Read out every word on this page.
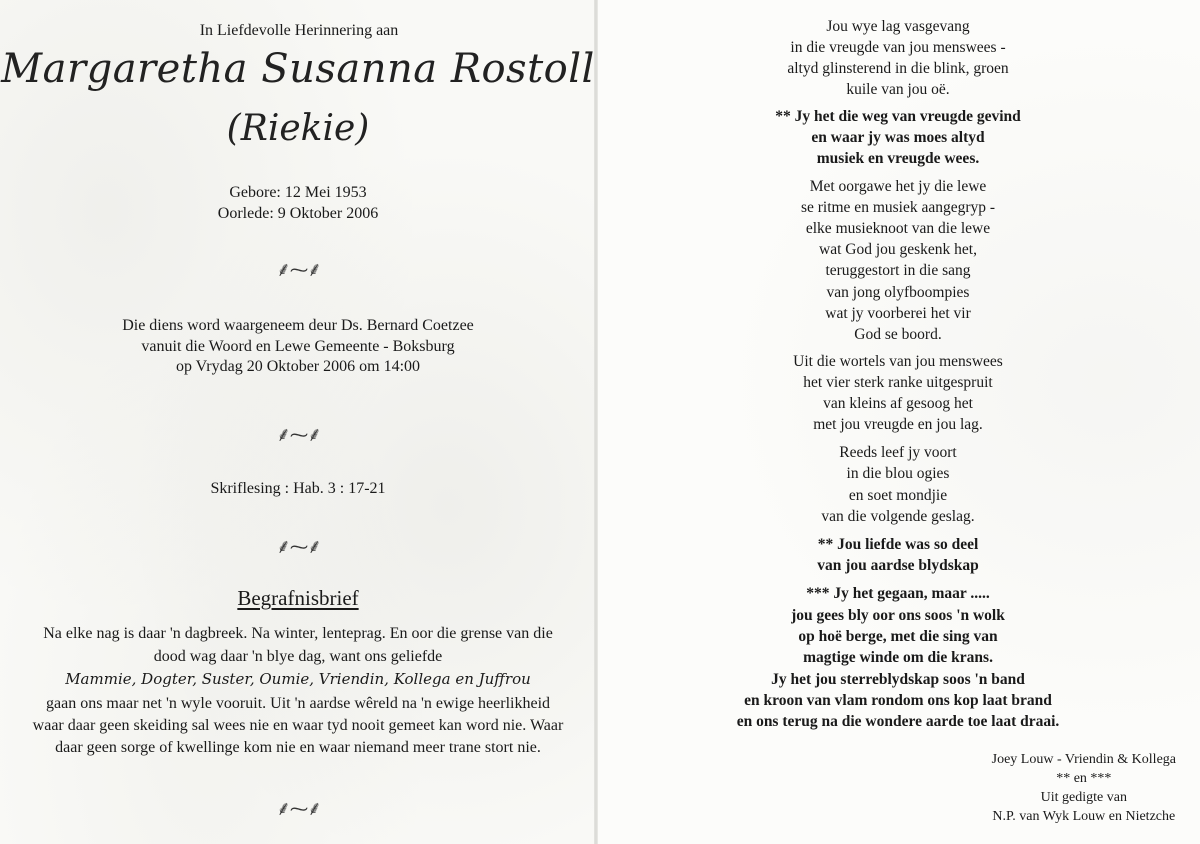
In Liefdevolle Herinnering aan
Margaretha Susanna Rostoll
(Riekie)
Gebore: 12 Mei 1953
Oorlede: 9 Oktober 2006
⸙⁓⸙
Die diens word waargeneem deur Ds. Bernard Coetzee
vanuit die Woord en Lewe Gemeente - Boksburg
op Vrydag 20 Oktober 2006 om 14:00
⸙⁓⸙
Skriflesing : Hab. 3 : 17-21
⸙⁓⸙
Begrafnisbrief
Na elke nag is daar 'n dagbreek. Na winter, lenteprag. En oor die grense van die
dood wag daar 'n blye dag, want ons geliefde
Mammie, Dogter, Suster, Oumie, Vriendin, Kollega en Juffrou
gaan ons maar net 'n wyle vooruit. Uit 'n aardse wêreld na 'n ewige heerlikheid
waar daar geen skeiding sal wees nie en waar tyd nooit gemeet kan word nie. Waar
daar geen sorge of kwellinge kom nie en waar niemand meer trane stort nie.
⸙⁓⸙
Jou wye lag vasgevang
in die vreugde van jou menswees -
altyd glinsterend in die blink, groen
kuile van jou oë.
** Jy het die weg van vreugde gevind
en waar jy was moes altyd
musiek en vreugde wees.
Met oorgawe het jy die lewe
se ritme en musiek aangegryp -
elke musieknoot van die lewe
wat God jou geskenk het,
teruggestort in die sang
van jong olyfboompies
wat jy voorberei het vir
God se boord.
Uit die wortels van jou menswees
het vier sterk ranke uitgespruit
van kleins af gesoog het
met jou vreugde en jou lag.
Reeds leef jy voort
in die blou ogies
en soet mondjie
van die volgende geslag.
** Jou liefde was so deel
van jou aardse blydskap
*** Jy het gegaan, maar .....
jou gees bly oor ons soos 'n wolk
op hoë berge, met die sing van
magtige winde om die krans.
Jy het jou sterreblydskap soos 'n band
en kroon van vlam rondom ons kop laat brand
en ons terug na die wondere aarde toe laat draai.
Joey Louw - Vriendin & Kollega
** en ***
Uit gedigte van
N.P. van Wyk Louw en Nietzche
